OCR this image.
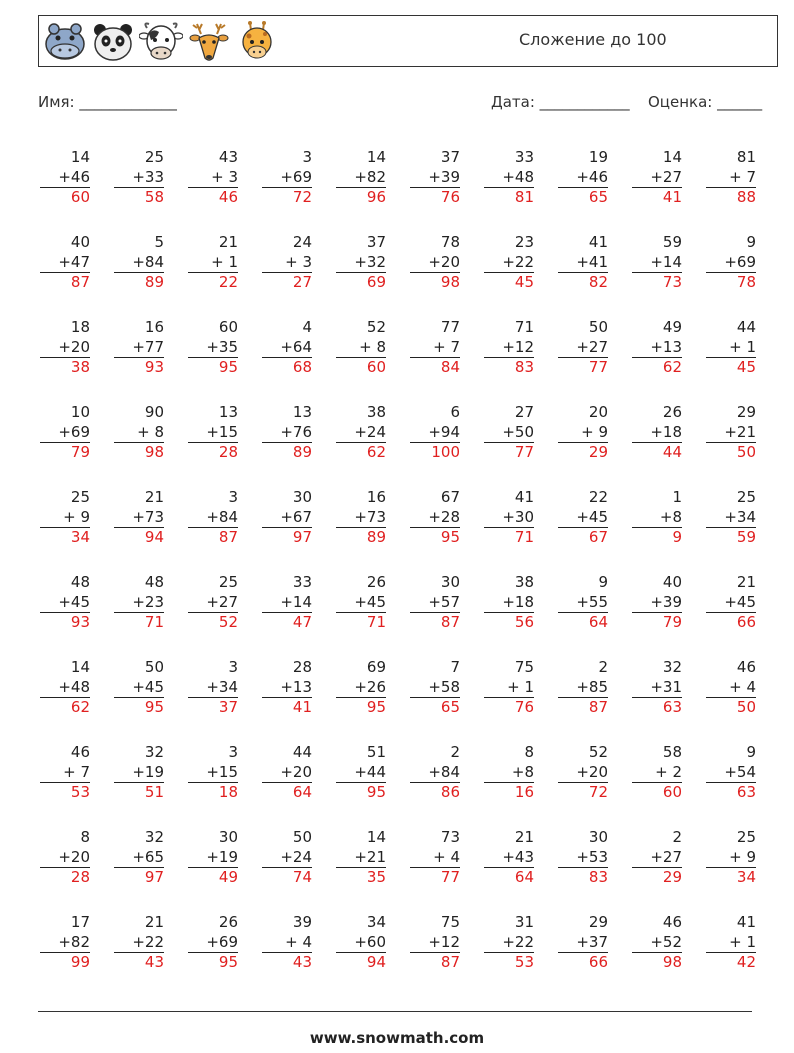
Сложение до 100
Имя: _____________	Дата: ____________ Оценка: ______
14
+46
60
25
+33
58
43
+ 3
46
3
+69
72
14
+82
96
37
+39
76
33
+48
81
19
+46
65
14
+27
41
81
+ 7
88
40
+47
87
5
+84
89
21
+ 1
22
24
+ 3
27
37
+32
69
78
+20
98
23
+22
45
41
+41
82
59
+14
73
9
+69
78
18
+20
38
16
+77
93
60
+35
95
4
+64
68
52
+ 8
60
77
+ 7
84
71
+12
83
50
+27
77
49
+13
62
44
+ 1
45
10
+69
79
90
+ 8
98
13
+15
28
13
+76
89
38
+24
62
6
+94
100
27
+50
77
20
+ 9
29
26
+18
44
29
+21
50
25
+ 9
34
21
+73
94
3
+84
87
30
+67
97
16
+73
89
67
+28
95
41
+30
71
22
+45
67
1
+8
9
25
+34
59
48
+45
93
48
+23
71
25
+27
52
33
+14
47
26
+45
71
30
+57
87
38
+18
56
9
+55
64
40
+39
79
21
+45
66
14
+48
62
50
+45
95
3
+34
37
28
+13
41
69
+26
95
7
+58
65
75
+ 1
76
2
+85
87
32
+31
63
46
+ 4
50
46
+ 7
53
32
+19
51
3
+15
18
44
+20
64
51
+44
95
2
+84
86
8
+8
16
52
+20
72
58
+ 2
60
9
+54
63
8
+20
28
32
+65
97
30
+19
49
50
+24
74
14
+21
35
73
+ 4
77
21
+43
64
30
+53
83
2
+27
29
25
+ 9
34
17
+82
99
21
+22
43
26
+69
95
39
+ 4
43
34
+60
94
75
+12
87
31
+22
53
29
+37
66
46
+52
98
41
+ 1
42
www.snowmath.com
